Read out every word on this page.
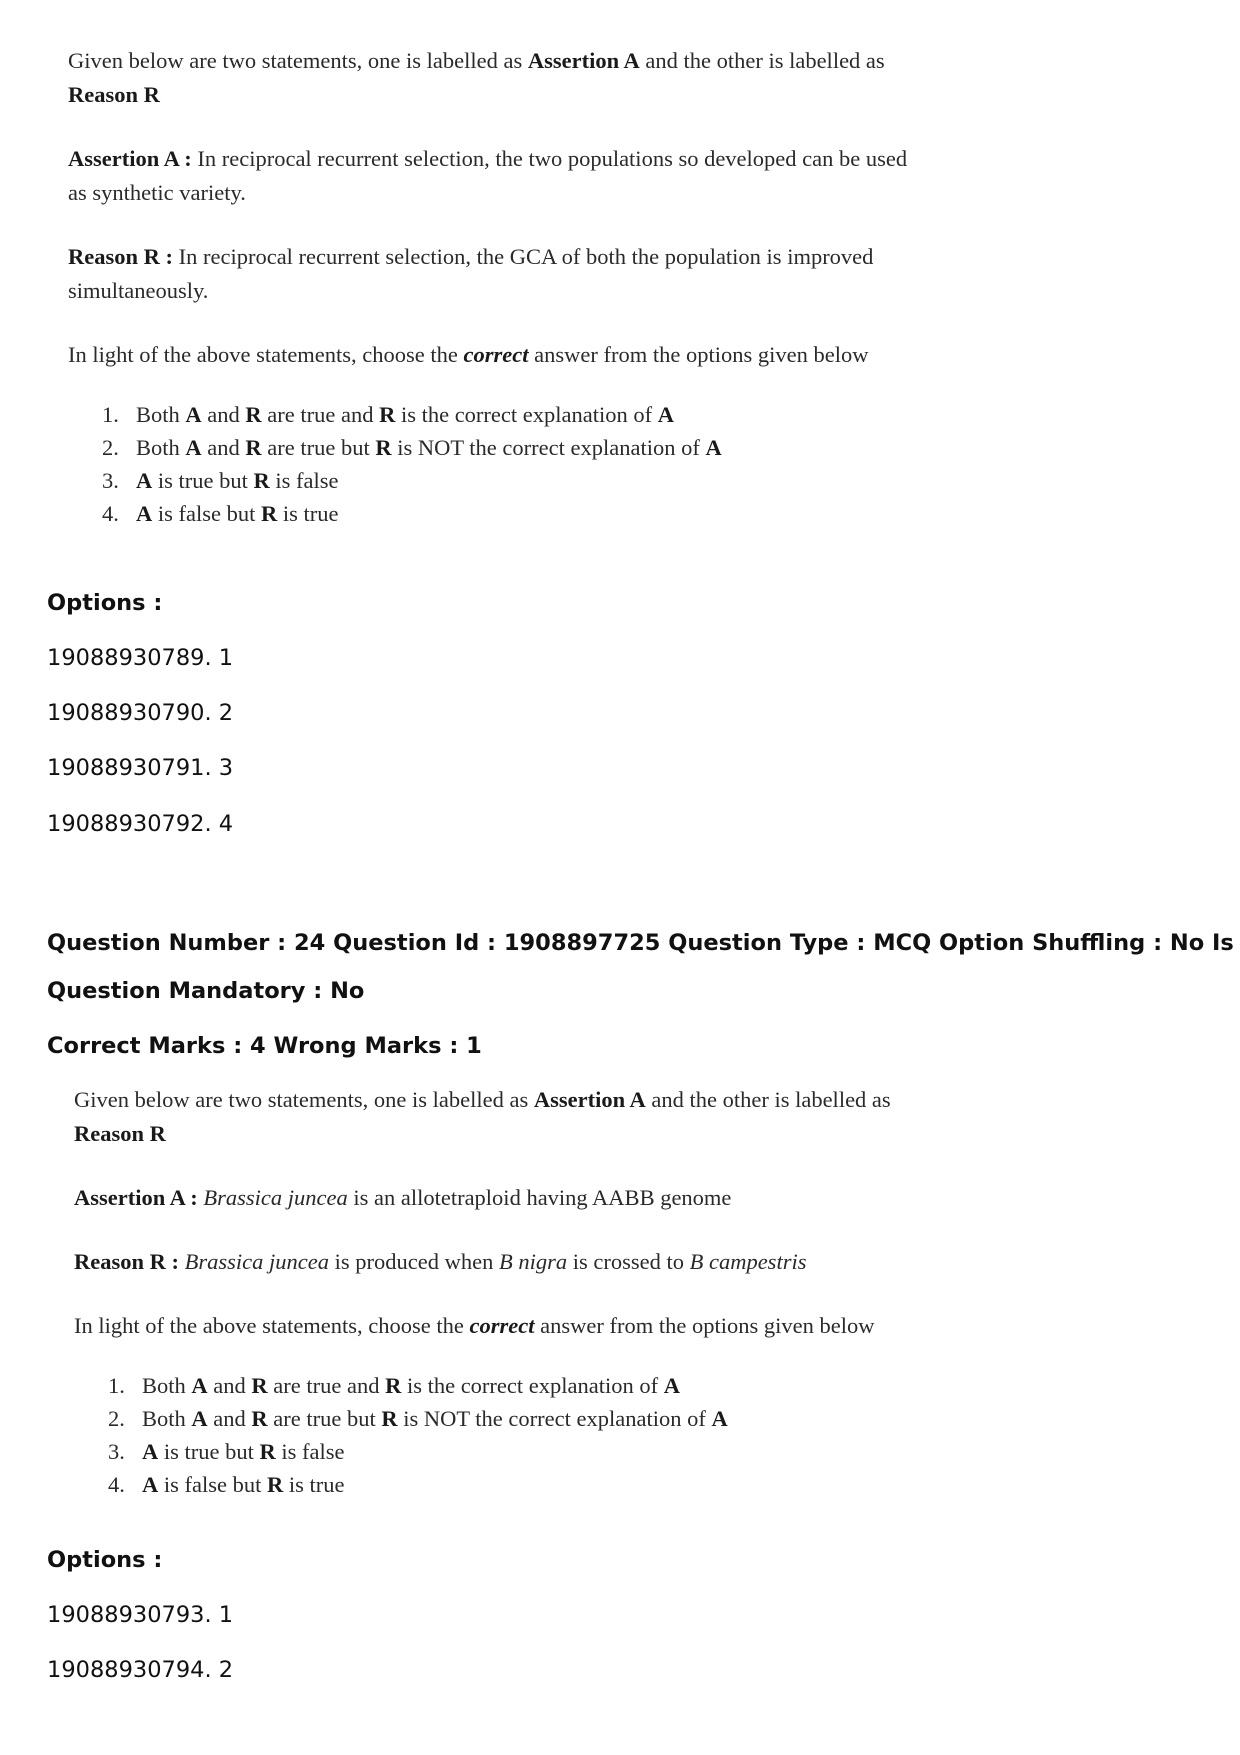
Given below are two statements, one is labelled as Assertion A and the other is labelled as
Reason R

Assertion A : In reciprocal recurrent selection, the two populations so developed can be used
as synthetic variety.

Reason R : In reciprocal recurrent selection, the GCA of both the population is improved
simultaneously.

In light of the above statements, choose the correct answer from the options given below

1. Both A and R are true and R is the correct explanation of A
2. Both A and R are true but R is NOT the correct explanation of A
3. A is true but R is false
4. A is false but R is true
Options :
19088930789. 1
19088930790. 2
19088930791. 3
19088930792. 4
Question Number : 24 Question Id : 1908897725 Question Type : MCQ Option Shuffling : No Is
Question Mandatory : No
Correct Marks : 4 Wrong Marks : 1

Given below are two statements, one is labelled as Assertion A and the other is labelled as
Reason R

Assertion A : Brassica juncea is an allotetraploid having AABB genome

Reason R : Brassica juncea is produced when B nigra is crossed to B campestris

In light of the above statements, choose the correct answer from the options given below

1. Both A and R are true and R is the correct explanation of A
2. Both A and R are true but R is NOT the correct explanation of A
3. A is true but R is false
4. A is false but R is true
Options :
19088930793. 1
19088930794. 2
